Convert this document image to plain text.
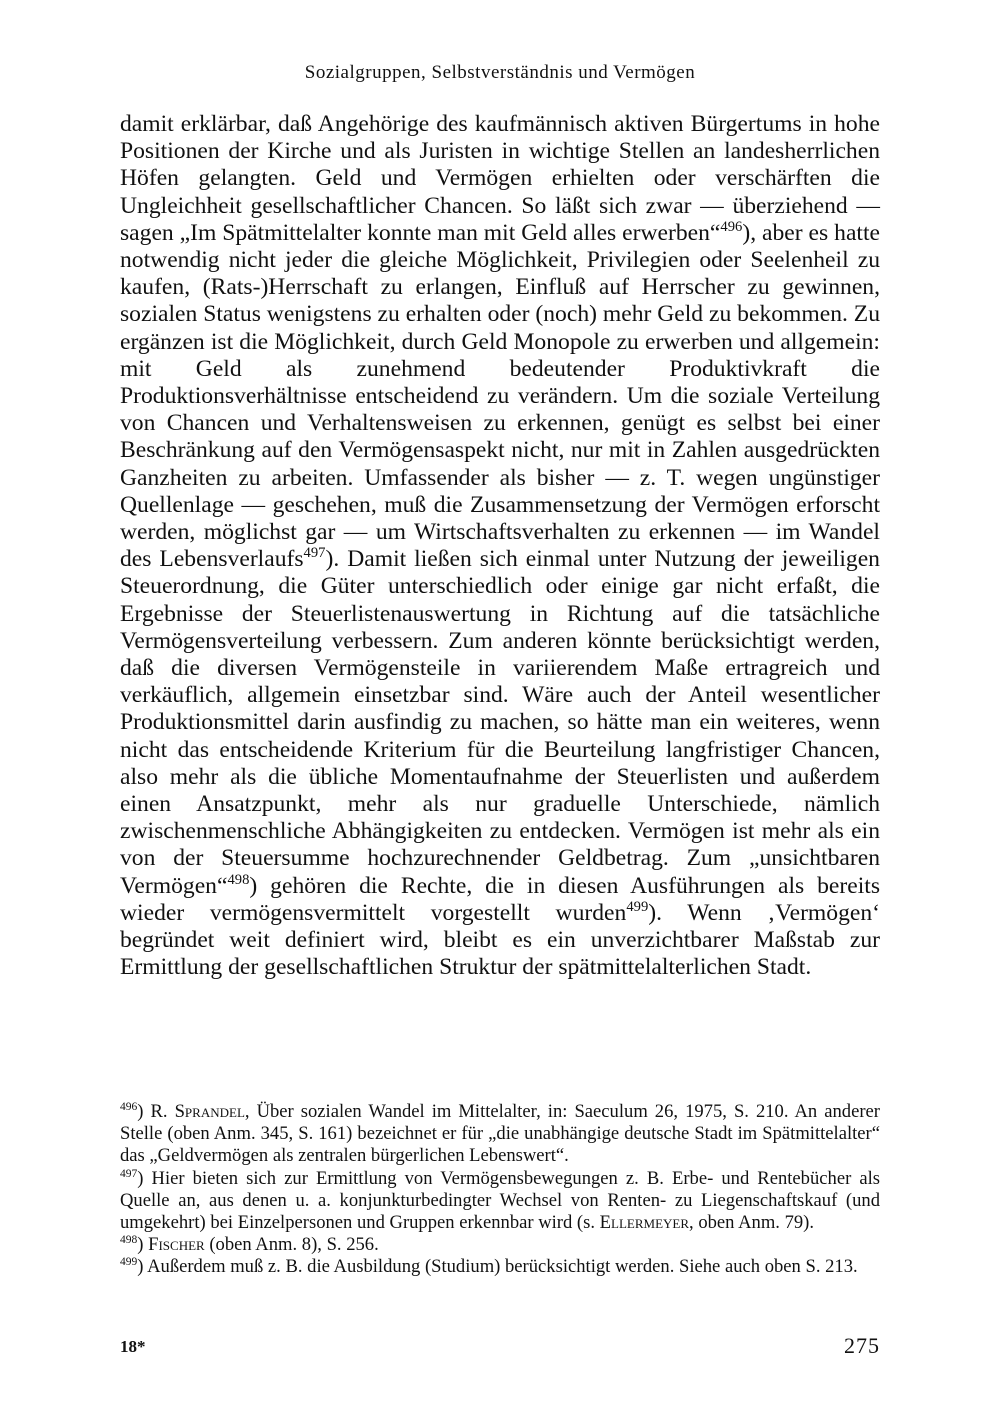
Sozialgruppen, Selbstverständnis und Vermögen

damit erklärbar, daß Angehörige des kaufmännisch aktiven Bürgertums in hohe Positionen der Kirche und als Juristen in wichtige Stellen an landesherrlichen Höfen gelangten. Geld und Vermögen erhielten oder verschärften die Ungleichheit gesellschaftlicher Chancen. So läßt sich zwar — überziehend — sagen „Im Spätmittelalter konnte man mit Geld alles erwerben“$^{496}$), aber es hatte notwendig nicht jeder die gleiche Möglichkeit, Privilegien oder Seelenheil zu kaufen, (Rats-)Herrschaft zu erlangen, Einfluß auf Herrscher zu gewinnen, sozialen Status wenigstens zu erhalten oder (noch) mehr Geld zu bekommen. Zu ergänzen ist die Möglichkeit, durch Geld Monopole zu erwerben und allgemein: mit Geld als zunehmend bedeutender Produktivkraft die Produktionsverhältnisse entscheidend zu verändern. Um die soziale Verteilung von Chancen und Verhaltensweisen zu erkennen, genügt es selbst bei einer Beschränkung auf den Vermögensaspekt nicht, nur mit in Zahlen ausgedrückten Ganzheiten zu arbeiten. Umfassender als bisher — z. T. wegen ungünstiger Quellenlage — geschehen, muß die Zusammensetzung der Vermögen erforscht werden, möglichst gar — um Wirtschaftsverhalten zu erkennen — im Wandel des Lebensverlaufs$^{497}$). Damit ließen sich einmal unter Nutzung der jeweiligen Steuerordnung, die Güter unterschiedlich oder einige gar nicht erfaßt, die Ergebnisse der Steuerlistenauswertung in Richtung auf die tatsächliche Vermögensverteilung verbessern. Zum anderen könnte berücksichtigt werden, daß die diversen Vermögensteile in variierendem Maße ertragreich und verkäuflich, allgemein einsetzbar sind. Wäre auch der Anteil wesentlicher Produktionsmittel darin ausfindig zu machen, so hätte man ein weiteres, wenn nicht das entscheidende Kriterium für die Beurteilung langfristiger Chancen, also mehr als die übliche Momentaufnahme der Steuerlisten und außerdem einen Ansatzpunkt, mehr als nur graduelle Unterschiede, nämlich zwischenmenschliche Abhängigkeiten zu entdecken. Vermögen ist mehr als ein von der Steuersumme hochzurechnender Geldbetrag. Zum „unsichtbaren Vermögen“$^{498}$) gehören die Rechte, die in diesen Ausführungen als bereits wieder vermögensvermittelt vorgestellt wurden$^{499}$). Wenn ‚Vermögen‘ begründet weit definiert wird, bleibt es ein unverzichtbarer Maßstab zur Ermittlung der gesellschaftlichen Struktur der spätmittelalterlichen Stadt.

$^{496}$) R. Sprandel, Über sozialen Wandel im Mittelalter, in: Saeculum 26, 1975, S. 210. An anderer Stelle (oben Anm. 345, S. 161) bezeichnet er für „die unabhängige deutsche Stadt im Spätmittelalter“ das „Geldvermögen als zentralen bürgerlichen Lebenswert“.

$^{497}$) Hier bieten sich zur Ermittlung von Vermögensbewegungen z. B. Erbe- und Rentebücher als Quelle an, aus denen u. a. konjunkturbedingter Wechsel von Renten- zu Liegenschaftskauf (und umgekehrt) bei Einzelpersonen und Gruppen erkennbar wird (s. Ellermeyer, oben Anm. 79).

$^{498}$) Fischer (oben Anm. 8), S. 256.

$^{499}$) Außerdem muß z. B. die Ausbildung (Studium) berücksichtigt werden. Siehe auch oben S. 213.

18*	275
